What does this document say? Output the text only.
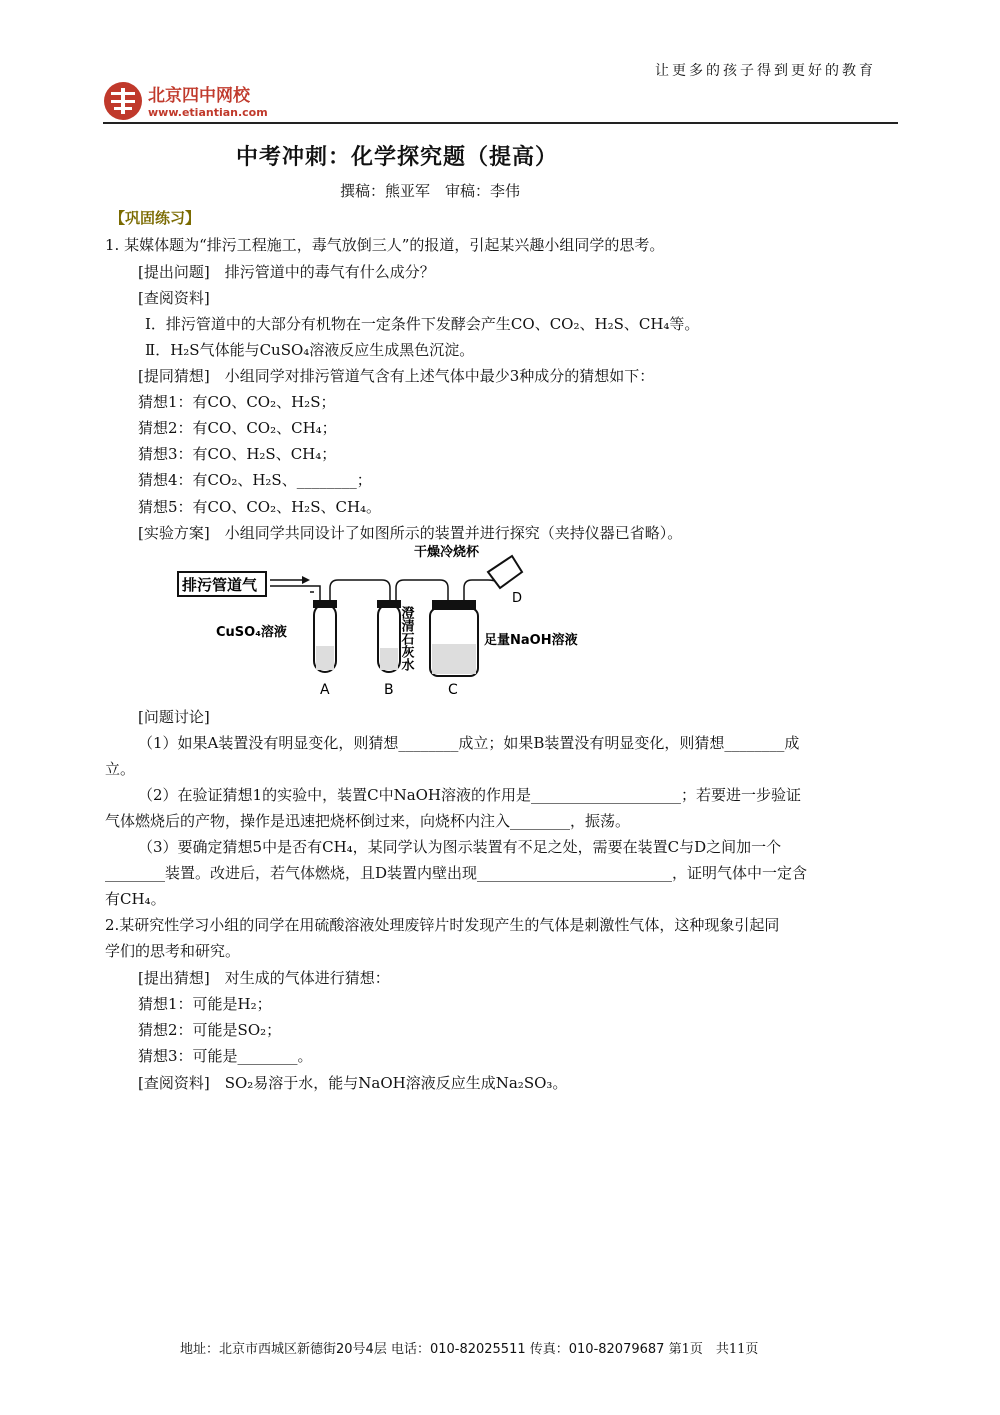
让更多的孩子得到更好的教育
北京四中网校
www.etiantian.com
中考冲刺：化学探究题（提高）
撰稿：熊亚军　审稿：李伟
【巩固练习】
1. 某媒体题为“排污工程施工，毒气放倒三人”的报道，引起某兴趣小组同学的思考。
[提出问题]　排污管道中的毒气有什么成分？
[查阅资料]
Ⅰ．排污管道中的大部分有机物在一定条件下发酵会产生CO、CO₂、H₂S、CH₄等。
Ⅱ．H₂S气体能与CuSO₄溶液反应生成黑色沉淀。
[提同猜想]　小组同学对排污管道气含有上述气体中最少3种成分的猜想如下：
猜想1：有CO、CO₂、H₂S；
猜想2：有CO、CO₂、CH₄；
猜想3：有CO、H₂S、CH₄；
猜想4：有CO₂、H₂S、________；
猜想5：有CO、CO₂、H₂S、CH₄。
[实验方案]　小组同学共同设计了如图所示的装置并进行探究（夹持仪器已省略）。
排污管道气
干燥冷烧杯
D
CuSO₄溶液	澄清石灰水	足量NaOH溶液
A	B	C
[问题讨论]
（1）如果A装置没有明显变化，则猜想________成立；如果B装置没有明显变化，则猜想________成
立。
（2）在验证猜想1的实验中，装置C中NaOH溶液的作用是____________________；若要进一步验证
气体燃烧后的产物，操作是迅速把烧杯倒过来，向烧杯内注入________，振荡。
（3）要确定猜想5中是否有CH₄，某同学认为图示装置有不足之处，需要在装置C与D之间加一个
________装置。改进后，若气体燃烧，且D装置内壁出现__________________________，证明气体中一定含
有CH₄。
2.某研究性学习小组的同学在用硫酸溶液处理废锌片时发现产生的气体是刺激性气体，这种现象引起同
学们的思考和研究。
[提出猜想]　对生成的气体进行猜想：
猜想1：可能是H₂；
猜想2：可能是SO₂；
猜想3：可能是________。
[查阅资料]　SO₂易溶于水，能与NaOH溶液反应生成Na₂SO₃。
地址：北京市西城区新德街20号4层 电话：010-82025511 传真：010-82079687 第1页　共11页
